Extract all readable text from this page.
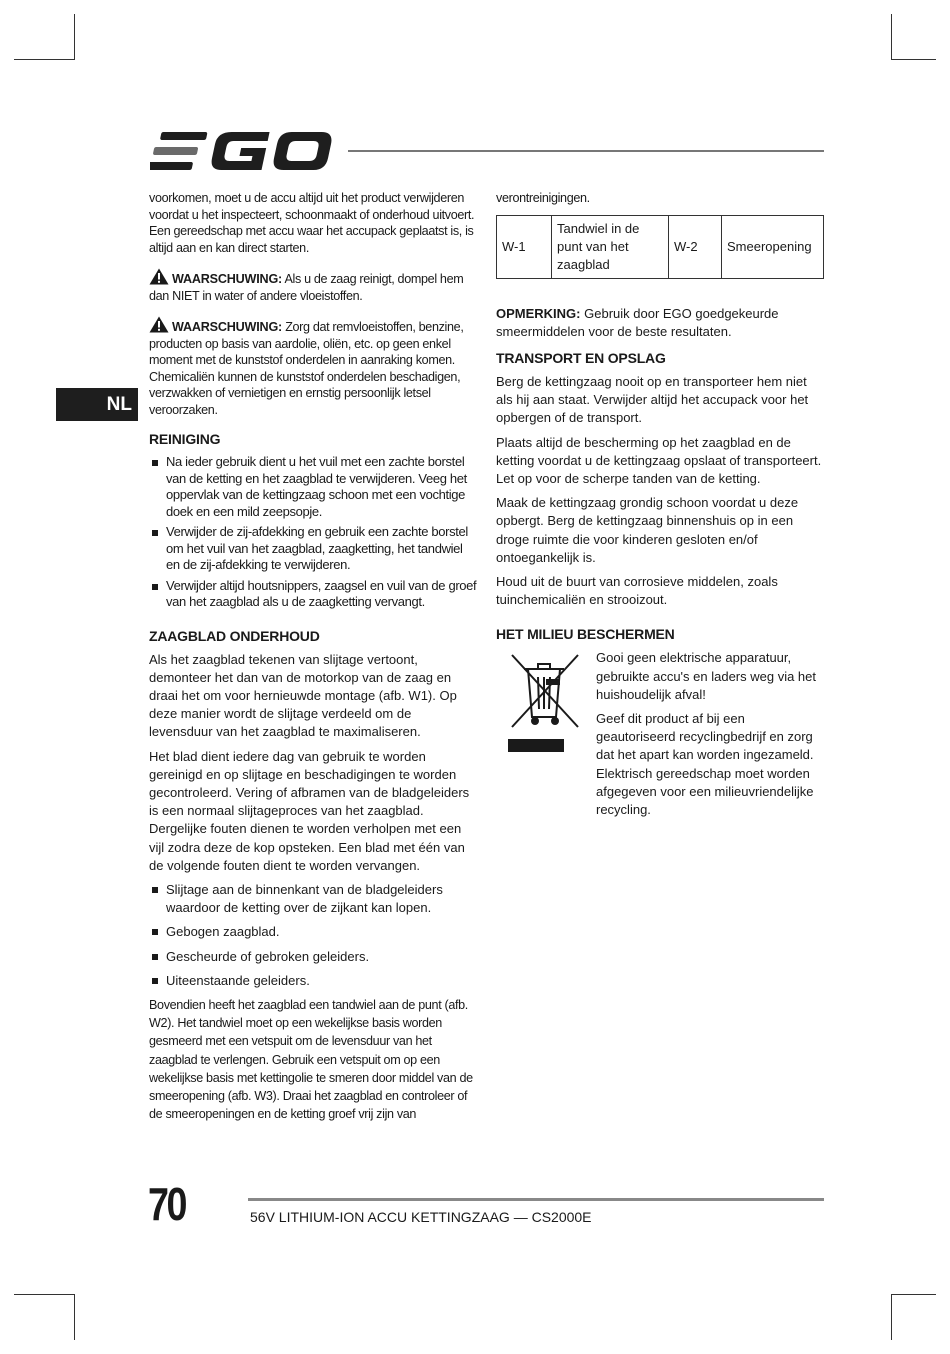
NL

voorkomen, moet u de accu altijd uit het product verwijderen voordat u het inspecteert, schoonmaakt of onderhoud uitvoert. Een gereedschap met accu waar het accupack geplaatst is, is altijd aan en kan direct starten.

WAARSCHUWING: Als u de zaag reinigt, dompel hem dan NIET in water of andere vloeistoffen.

WAARSCHUWING: Zorg dat remvloeistoffen, benzine, producten op basis van aardolie, oliën, etc. op geen enkel moment met de kunststof onderdelen in aanraking komen. Chemicaliën kunnen de kunststof onderdelen beschadigen, verzwakken of vernietigen en ernstig persoonlijk letsel veroorzaken.

REINIGING
Na ieder gebruik dient u het vuil met een zachte borstel van de ketting en het zaagblad te verwijderen. Veeg het oppervlak van de kettingzaag schoon met een vochtige doek en een mild zeepsopje.
Verwijder de zij-afdekking en gebruik een zachte borstel om het vuil van het zaagblad, zaagketting, het tandwiel en de zij-afdekking te verwijderen.
Verwijder altijd houtsnippers, zaagsel en vuil van de groef van het zaagblad als u de zaagketting vervangt.
ZAAGBLAD ONDERHOUD

Als het zaagblad tekenen van slijtage vertoont, demonteer het dan van de motorkop van de zaag en draai het om voor hernieuwde montage (afb. W1). Op deze manier wordt de slijtage verdeeld om de levensduur van het zaagblad te maximaliseren.

Het blad dient iedere dag van gebruik te worden gereinigd en op slijtage en beschadigingen te worden gecontroleerd. Vering of afbramen van de bladgeleiders is een normaal slijtageproces van het zaagblad. Dergelijke fouten dienen te worden verholpen met een vijl zodra deze de kop opsteken. Een blad met één van de volgende fouten dient te worden vervangen.

Slijtage aan de binnenkant van de bladgeleiders waardoor de ketting over de zijkant kan lopen.
Gebogen zaagblad.
Gescheurde of gebroken geleiders.
Uiteenstaande geleiders.

Bovendien heeft het zaagblad een tandwiel aan de punt (afb. W2). Het tandwiel moet op een wekelijkse basis worden gesmeerd met een vetspuit om de levensduur van het zaagblad te verlengen. Gebruik een vetspuit om op een wekelijkse basis met kettingolie te smeren door middel van de smeeropening (afb. W3). Draai het zaagblad en controleer of de smeeropeningen en de ketting groef vrij zijn van

verontreinigingen.

W-1	Tandwiel in de punt van het zaagblad	W-2	Smeeropening

OPMERKING: Gebruik door EGO goedgekeurde smeermiddelen voor de beste resultaten.

TRANSPORT EN OPSLAG

Berg de kettingzaag nooit op en transporteer hem niet als hij aan staat. Verwijder altijd het accupack voor het opbergen of de transport.

Plaats altijd de bescherming op het zaagblad en de ketting voordat u de kettingzaag opslaat of transporteert. Let op voor de scherpe tanden van de ketting.

Maak de kettingzaag grondig schoon voordat u deze opbergt. Berg de kettingzaag binnenshuis op in een droge ruimte die voor kinderen gesloten en/of ontoegankelijk is.

Houd uit de buurt van corrosieve middelen, zoals tuinchemicaliën en strooizout.

HET MILIEU BESCHERMEN

Gooi geen elektrische apparatuur, gebruikte accu's en laders weg via het huishoudelijk afval!

Geef dit product af bij een geautoriseerd recyclingbedrijf en zorg dat het apart kan worden ingezameld. Elektrisch gereedschap moet worden afgegeven voor een milieuvriendelijke recycling.

70	56V LITHIUM-ION ACCU KETTINGZAAG — CS2000E
